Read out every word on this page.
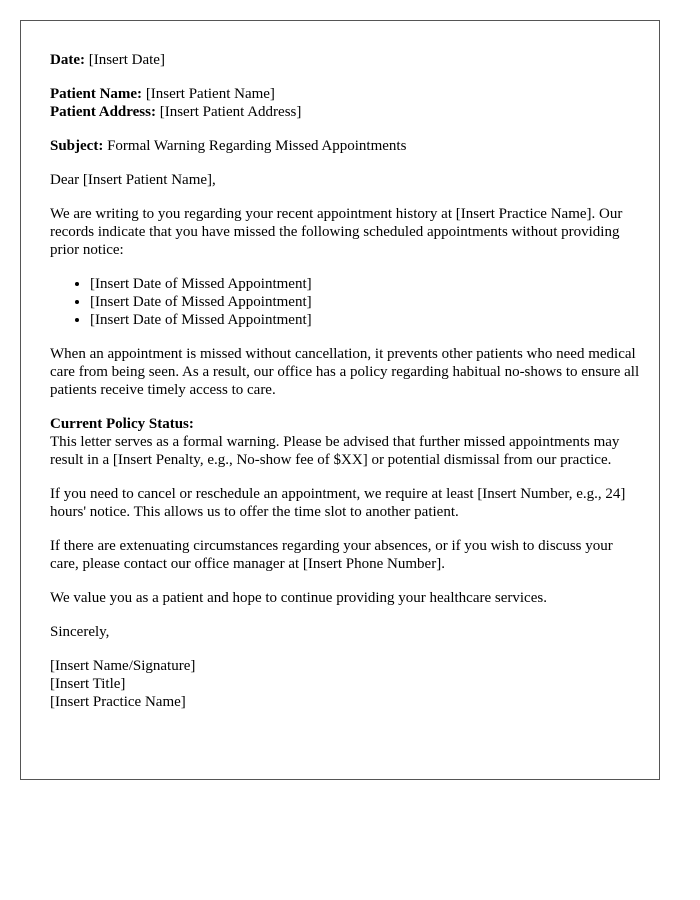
Date: [Insert Date]

Patient Name: [Insert Patient Name]
Patient Address: [Insert Patient Address]

Subject: Formal Warning Regarding Missed Appointments

Dear [Insert Patient Name],

We are writing to you regarding your recent appointment history at [Insert Practice Name]. Our records indicate that you have missed the following scheduled appointments without providing prior notice:

• [Insert Date of Missed Appointment]
• [Insert Date of Missed Appointment]
• [Insert Date of Missed Appointment]

When an appointment is missed without cancellation, it prevents other patients who need medical care from being seen. As a result, our office has a policy regarding habitual no-shows to ensure all patients receive timely access to care.

Current Policy Status:
This letter serves as a formal warning. Please be advised that further missed appointments may result in a [Insert Penalty, e.g., No-show fee of $XX] or potential dismissal from our practice.

If you need to cancel or reschedule an appointment, we require at least [Insert Number, e.g., 24] hours' notice. This allows us to offer the time slot to another patient.

If there are extenuating circumstances regarding your absences, or if you wish to discuss your care, please contact our office manager at [Insert Phone Number].

We value you as a patient and hope to continue providing your healthcare services.

Sincerely,

[Insert Name/Signature]
[Insert Title]
[Insert Practice Name]
